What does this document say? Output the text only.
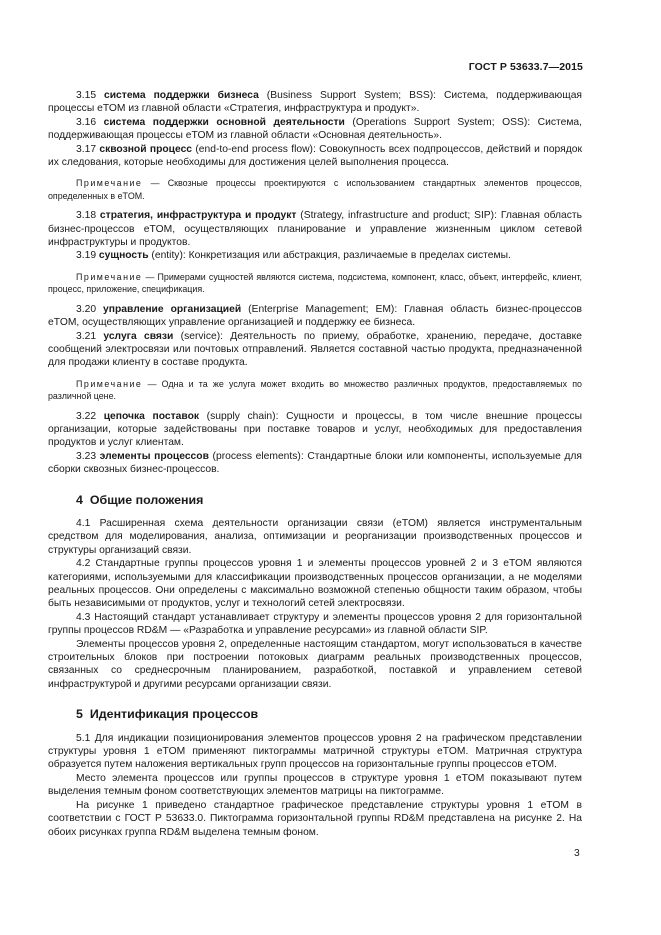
ГОСТ Р 53633.7—2015

3.15 система поддержки бизнеса (Business Support System; BSS): Система, поддерживающая процессы eTOM из главной области «Стратегия, инфраструктура и продукт».

3.16 система поддержки основной деятельности (Operations Support System; OSS): Система, поддерживающая процессы eTOM из главной области «Основная деятельность».

3.17 сквозной процесс (end-to-end process flow): Совокупность всех подпроцессов, действий и порядок их следования, которые необходимы для достижения целей выполнения процесса.

Примечание — Сквозные процессы проектируются с использованием стандартных элементов процессов, определенных в eTOM.

3.18 стратегия, инфраструктура и продукт (Strategy, infrastructure and product; SIP): Главная область бизнес-процессов eTOM, осуществляющих планирование и управление жизненным циклом сетевой инфраструктуры и продуктов.

3.19 сущность (entity): Конкретизация или абстракция, различаемые в пределах системы.

Примечание — Примерами сущностей являются система, подсистема, компонент, класс, объект, интерфейс, клиент, процесс, приложение, спецификация.

3.20 управление организацией (Enterprise Management; EM): Главная область бизнес-процессов eTOM, осуществляющих управление организацией и поддержку ее бизнеса.

3.21 услуга связи (service): Деятельность по приему, обработке, хранению, передаче, доставке сообщений электросвязи или почтовых отправлений. Является составной частью продукта, предназначенной для продажи клиенту в составе продукта.

Примечание — Одна и та же услуга может входить во множество различных продуктов, предоставляемых по различной цене.

3.22 цепочка поставок (supply chain): Сущности и процессы, в том числе внешние процессы организации, которые задействованы при поставке товаров и услуг, необходимых для предоставления продуктов и услуг клиентам.

3.23 элементы процессов (process elements): Стандартные блоки или компоненты, используемые для сборки сквозных бизнес-процессов.

4 Общие положения

4.1 Расширенная схема деятельности организации связи (eTOM) является инструментальным средством для моделирования, анализа, оптимизации и реорганизации производственных процессов и структуры организаций связи.

4.2 Стандартные группы процессов уровня 1 и элементы процессов уровней 2 и 3 eTOM являются категориями, используемыми для классификации производственных процессов организации, а не моделями реальных процессов. Они определены с максимально возможной степенью общности таким образом, чтобы быть независимыми от продуктов, услуг и технологий сетей электросвязи.

4.3 Настоящий стандарт устанавливает структуру и элементы процессов уровня 2 для горизонтальной группы процессов RD&M — «Разработка и управление ресурсами» из главной области SIP.

Элементы процессов уровня 2, определенные настоящим стандартом, могут использоваться в качестве строительных блоков при построении потоковых диаграмм реальных производственных процессов, связанных со среднесрочным планированием, разработкой, поставкой и управлением сетевой инфраструктурой и другими ресурсами организации связи.

5 Идентификация процессов

5.1 Для индикации позиционирования элементов процессов уровня 2 на графическом представлении структуры уровня 1 eTOM применяют пиктограммы матричной структуры eTOM. Матричная структура образуется путем наложения вертикальных групп процессов на горизонтальные группы процессов eTOM.

Место элемента процессов или группы процессов в структуре уровня 1 eTOM показывают путем выделения темным фоном соответствующих элементов матрицы на пиктограмме.

На рисунке 1 приведено стандартное графическое представление структуры уровня 1 eTOM в соответствии с ГОСТ Р 53633.0. Пиктограмма горизонтальной группы RD&M представлена на рисунке 2. На обоих рисунках группа RD&M выделена темным фоном.

3
